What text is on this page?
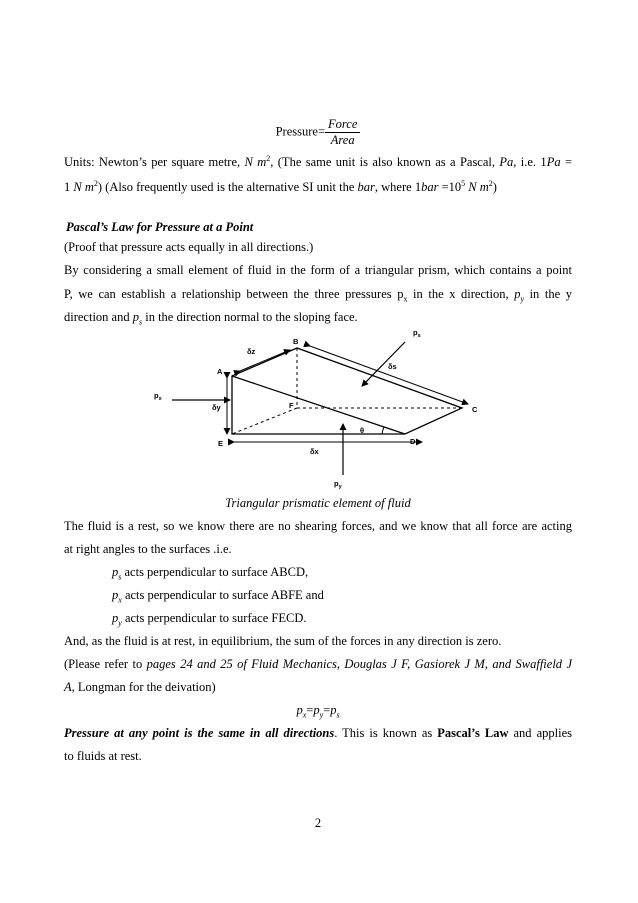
Pressure= $\frac{\text{Force}}{\text{Area}}$
Units: Newton’s per square metre, N $m^2$, (The same unit is also known as a Pascal, Pa, i.e. 1Pa =
1 N $m^2$) (Also frequently used is the alternative SI unit the bar, where $1bar =10^5$ N $m^2$)
Pascal’s Law for Pressure at a Point
(Proof that pressure acts equally in all directions.)
By considering a small element of fluid in the form of a triangular prism, which contains a point
P, we can establish a relationship between the three pressures $p_x$ in the x direction, $p_y$ in the y
direction and $p_s$ in the direction normal to the sloping face.
A
B
C
D
E
F
δz
δs
δy
δx
θ
$p_x$
$p_y$
$p_s$
Triangular prismatic element of fluid
The fluid is a rest, so we know there are no shearing forces, and we know that all force are acting
at right angles to the surfaces .i.e.
$p_s$ acts perpendicular to surface ABCD,
$p_x$ acts perpendicular to surface ABFE and
$p_y$ acts perpendicular to surface FECD.
And, as the fluid is at rest, in equilibrium, the sum of the forces in any direction is zero.
(Please refer to pages 24 and 25 of Fluid Mechanics, Douglas J F, Gasiorek J M, and Swaffield J
A, Longman for the deivation)
$p_x=p_y=p_s$
Pressure at any point is the same in all directions. This is known as Pascal’s Law and applies
to fluids at rest.
2
